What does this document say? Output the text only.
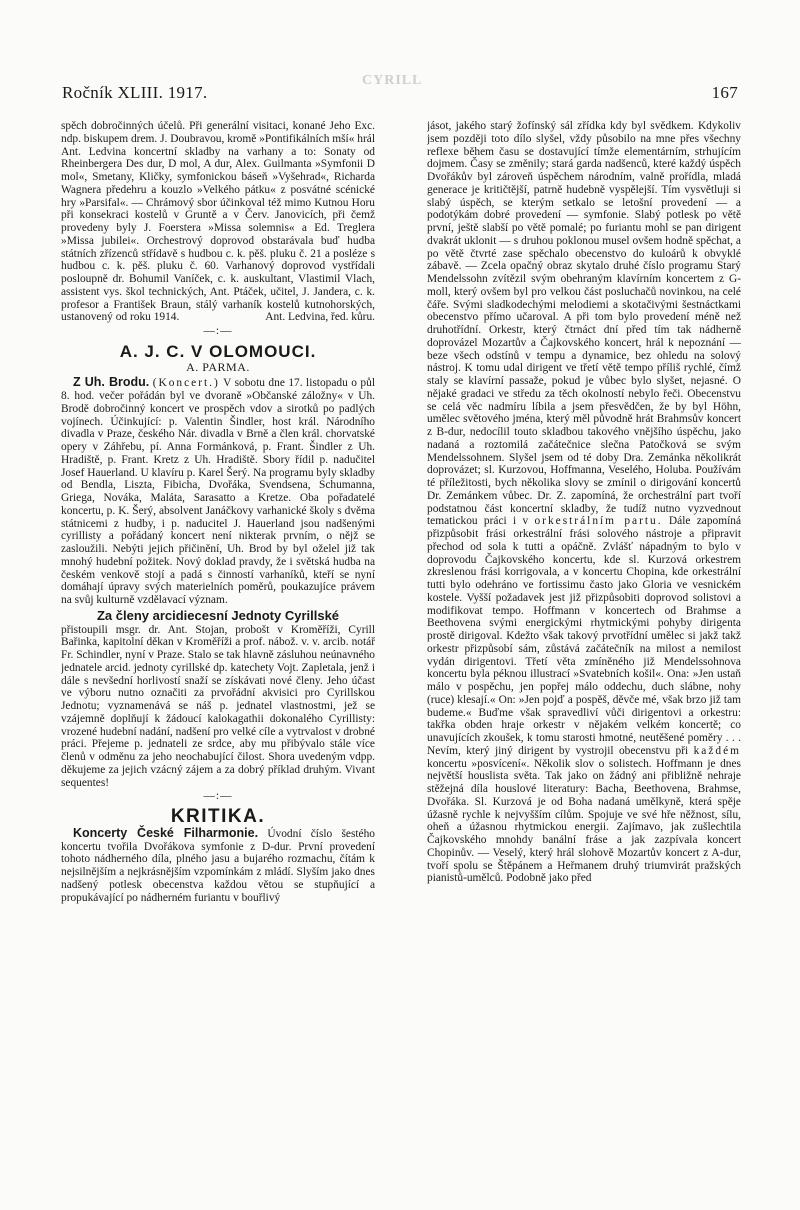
Ročník XLIII. 1917.
CYRILL
167

spěch dobročinných účelů. Při generální visitaci, konané Jeho Exc. ndp. biskupem drem. J. Doubravou, kromě »Pontifikálních mší« hrál Ant. Ledvina koncertní skladby na varhany a to: Sonaty od Rheinbergera Des dur, D mol, A dur, Alex. Guilmanta »Symfonii D mol«, Smetany, Kličky, symfonickou báseň »Vyšehrad«, Richarda Wagnera předehru a kouzlo »Velkého pátku« z posvátné scénické hry »Parsifal«. — Chrámový sbor účinkoval též mimo Kutnou Horu při konsekraci kostelů v Gruntě a v Červ. Janovicích, při čemž provedeny byly J. Foerstera »Missa solemnis« a Ed. Treglera »Missa jubilei«. Orchestrový doprovod obstarávala buď hudba státních zřízenců střídavě s hudbou c. k. pěš. pluku č. 21 a posléze s hudbou c. k. pěš. pluku č. 60. Varhanový doprovod vystřídali posloupně dr. Bohumil Vaníček, c. k. auskultant, Vlastimil Vlach, assistent vys. škol technických, Ant. Ptáček, učitel, J. Jandera, c. k. profesor a František Braun, stálý varhaník kostelů kutnohorských, ustanovený od roku 1914.	Ant. Ledvina, řed. kůru.

—:—
A. J. C. V OLOMOUCI.
A. PARMA.

Z Uh. Brodu. (Koncert.) V sobotu dne 17. listopadu o půl 8. hod. večer pořádán byl ve dvoraně »Občanské záložny« v Uh. Brodě dobročinný koncert ve prospěch vdov a sirotků po padlých vojínech. Účinkující: p. Valentin Šindler, host král. Národního divadla v Praze, českého Nár. divadla v Brně a člen král. chorvatské opery v Záhřebu, pí. Anna Formánková, p. Frant. Šindler z Uh. Hradiště, p. Frant. Kretz z Uh. Hradiště. Sbory řídil p. nadučitel Josef Hauerland. U klavíru p. Karel Šerý. Na programu byly skladby od Bendla, Liszta, Fibicha, Dvořáka, Svendsena, Schumanna, Griega, Nováka, Maláta, Sarasatto a Kretze. Oba pořadatelé koncertu, p. K. Šerý, absolvent Janáčkovy varhanické školy s dvěma státnicemi z hudby, i p. naducitel J. Hauerland jsou nadšenými cyrillisty a pořádaný koncert není nikterak prvním, o nějž se zasloužili. Nebýti jejich přičinění, Uh. Brod by byl oželel již tak mnohý hudební požitek. Nový doklad pravdy, že i světská hudba na českém venkově stojí a padá s činností varhaníků, kteří se nyní domáhají úpravy svých materielních poměrů, poukazujíce právem na svůj kulturně vzdělavací význam.

Za členy arcidiecesní Jednoty Cyrillské

přistoupili msgr. dr. Ant. Stojan, probošt v Kroměříži, Cyrill Bařinka, kapitolní děkan v Kroměříži a prof. nábož. v. v. arcib. notář Fr. Schindler, nyní v Praze. Stalo se tak hlavně zásluhou neúnavného jednatele arcid. jednoty cyrillské dp. katechety Vojt. Zapletala, jenž i dále s nevšední horlivostí snaží se získávati nové členy. Jeho účast ve výboru nutno označiti za prvořádní akvisici pro Cyrillskou Jednotu; vyznamenává se náš p. jednatel vlastnostmi, jež se vzájemně doplňují k žádoucí kalokagathii dokonalého Cyrillisty: vrozené hudební nadání, nadšení pro velké cíle a vytrvalost v drobné práci. Přejeme p. jednateli ze srdce, aby mu přibývalo stále více členů v odměnu za jeho neochabující čilost. Shora uvedeným vdpp. děkujeme za jejich vzácný zájem a za dobrý příklad druhým. Vivant sequentes!

—:—
KRITIKA.

Koncerty České Filharmonie. Úvodní číslo šestého koncertu tvořila Dvořákova symfonie z D-dur. První provedení tohoto nádherného díla, plného jasu a bujarého rozmachu, čítám k nejsilnějším a nejkrásnějším vzpomínkám z mládí. Slyším jako dnes nadšený potlesk obecenstva každou větou se stupňující a propukávající po nádherném furiantu v bouřlivý

jásot, jakého starý žofínský sál zřídka kdy byl svědkem. Kdykoliv jsem později toto dílo slyšel, vždy působilo na mne přes všechny reflexe během času se dostavující tímže elementárním, strhujícím dojmem. Časy se změnily; stará garda nadšenců, které každý úspěch Dvořákův byl zároveň úspěchem národním, valně prořídla, mladá generace je kritičtější, patrně hudebně vyspělejší. Tím vysvětluji si slabý úspěch, se kterým setkalo se letošní provedení — a podotýkám dobré provedení — symfonie. Slabý potlesk po větě první, ještě slabší po větě pomalé; po furiantu mohl se pan dirigent dvakrát uklonit — s druhou poklonou musel ovšem hodně spěchat, a po větě čtvrté zase spěchalo obecenstvo do kuloárů k obvyklé zábavě. — Zcela opačný obraz skytalo druhé číslo programu Starý Mendelssohn zvítězil svým obehraným klavírním koncertem z G-moll, který ovšem byl pro velkou část posluchačů novinkou, na celé čáře. Svými sladkodechými melodiemi a skotačivými šestnáctkami obecenstvo přímo učaroval. A při tom bylo provedení méně než druhotřídní. Orkestr, který čtrnáct dní před tím tak nádherně doprovázel Mozartův a Čajkovského koncert, hrál k nepoznání — beze všech odstínů v tempu a dynamice, bez ohledu na solový nástroj. K tomu udal dirigent ve třetí větě tempo příliš rychlé, čímž staly se klavírní passaže, pokud je vůbec bylo slyšet, nejasné. O nějaké gradaci ve středu za těch okolností nebylo řeči. Obecenstvu se celá věc nadmíru líbila a jsem přesvědčen, že by byl Höhn, umělec světového jména, který měl původně hrát Brahmsův koncert z B-dur, nedocílil touto skladbou takového vnějšího úspěchu, jako nadaná a roztomilá začátečnice slečna Patočková se svým Mendelssohnem. Slyšel jsem od té doby Dra. Zemánka několikrát doprovázet; sl. Kurzovou, Hoffmanna, Veselého, Holuba. Používám té příležitosti, bych několika slovy se zmínil o dirigování koncertů Dr. Zemánkem vůbec. Dr. Z. zapomíná, že orchestrální part tvoří podstatnou část koncertní skladby, že tudíž nutno vyzvednout tematickou práci i v orkestrálním partu. Dále zapomíná přizpůsobit frási orkestrální frási solového nástroje a připravit přechod od sola k tutti a opáčně. Zvlášť nápadným to bylo v doprovodu Čajkovského koncertu, kde sl. Kurzová orkestrem zkreslenou frási korrigovala, a v koncertu Chopina, kde orkestrální tutti bylo odehráno ve fortissimu často jako Gloria ve vesnickém kostele. Vyšší požadavek jest již přizpůsobiti doprovod solistovi a modifikovat tempo. Hoffmann v koncertech od Brahmse a Beethovena svými energickými rhytmickými pohyby dirigenta prostě dirigoval. Kdežto však takový prvotřídní umělec si jakž takž orkestr přizpůsobí sám, zůstává začátečník na milost a nemilost vydán dirigentovi. Třetí věta zmíněného již Mendelssohnova koncertu byla péknou illustrací »Svatebních košil«. Ona: »Jen ustaň málo v pospěchu, jen popřej málo oddechu, duch slábne, nohy (ruce) klesají.« On: »Jen pojď a pospěš, děvče mé, však brzo již tam budeme.« Buďme však spravedliví vůči dirigentovi a orkestru: takřka obden hraje orkestr v nějakém velkém koncertě; co unavujících zkoušek, k tomu starosti hmotné, neutěšené poměry . . . Nevím, který jiný dirigent by vystrojil obecenstvu při každém koncertu »posvícení«. Několik slov o solistech. Hoffmann je dnes největší houslista světa. Tak jako on žádný ani přibližně nehraje stěžejná díla houslové literatury: Bacha, Beethovena, Brahmse, Dvořáka. Sl. Kurzová je od Boha nadaná umělkyně, která spěje úžasně rychle k nejvyšším cílům. Spojuje ve své hře něžnost, sílu, oheň a úžasnou rhytmickou energii. Zajímavo, jak zušlechtila Čajkovského mnohdy banální fráse a jak zazpívala koncert Chopinův. — Veselý, který hrál slohově Mozartův koncert z A-dur, tvoří spolu se Štěpánem a Heřmanem druhý triumvirát pražských pianistů-umělců. Podobně jako před
